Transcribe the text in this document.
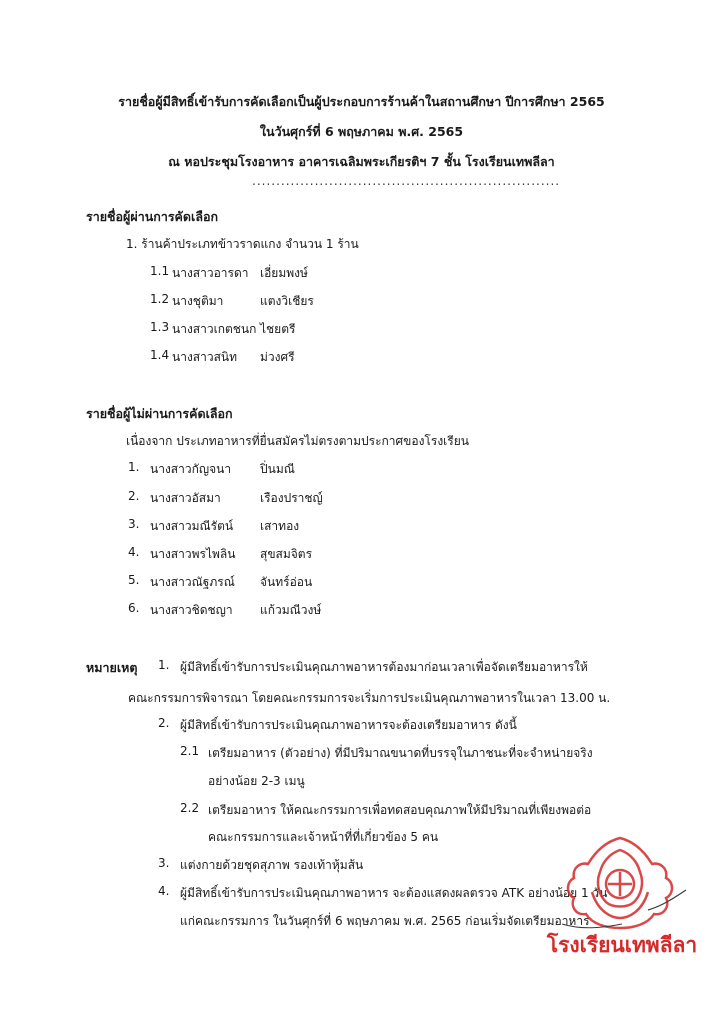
รายชื่อผู้มีสิทธิ์เข้ารับการคัดเลือกเป็นผู้ประกอบการร้านค้าในสถานศึกษา ปีการศึกษา 2565
ในวันศุกร์ที่ 6 พฤษภาคม พ.ศ. 2565
ณ หอประชุมโรงอาหาร อาคารเฉลิมพระเกียรติฯ 7 ชั้น โรงเรียนเทพลีลา
................................................................
รายชื่อผู้ผ่านการคัดเลือก
1. ร้านค้าประเภทข้าวราดแกง จำนวน 1 ร้าน
1.1 นางสาวอารดา เอี่ยมพงษ์
1.2 นางชุติมา	แตงวิเชียร
1.3 นางสาวเกตชนก ไชยตรี
1.4 นางสาวสนิท ม่วงศรี
รายชื่อผู้ไม่ผ่านการคัดเลือก
เนื่องจาก ประเภทอาหารที่ยื่นสมัครไม่ตรงตามประกาศของโรงเรียน
1. นางสาวกัญจนา ปิ่นมณี
2. นางสาวอัสมา	เรืองปราชญ์
3. นางสาวมณีรัตน์ เสาทอง
4. นางสาวพรไพลิน สุขสมจิตร
5. นางสาวณัฐภรณ์ จันทร์อ่อน
6. นางสาวชิดชญา แก้วมณีวงษ์
หมายเหตุ 1. ผู้มีสิทธิ์เข้ารับการประเมินคุณภาพอาหารต้องมาก่อนเวลาเพื่อจัดเตรียมอาหารให้
คณะกรรมการพิจารณา โดยคณะกรรมการจะเริ่มการประเมินคุณภาพอาหารในเวลา 13.00 น.
2. ผู้มีสิทธิ์เข้ารับการประเมินคุณภาพอาหารจะต้องเตรียมอาหาร ดังนี้
2.1 เตรียมอาหาร (ตัวอย่าง) ที่มีปริมาณขนาดที่บรรจุในภาชนะที่จะจำหน่ายจริง
อย่างน้อย 2-3 เมนู
2.2 เตรียมอาหาร ให้คณะกรรมการเพื่อทดสอบคุณภาพให้มีปริมาณที่เพียงพอต่อ
คณะกรรมการและเจ้าหน้าที่ที่เกี่ยวข้อง 5 คน
3. แต่งกายด้วยชุดสุภาพ รองเท้าหุ้มส้น
4. ผู้มีสิทธิ์เข้ารับการประเมินคุณภาพอาหาร จะต้องแสดงผลตรวจ ATK อย่างน้อย 1 วัน
แก่คณะกรรมการ ในวันศุกร์ที่ 6 พฤษภาคม พ.ศ. 2565 ก่อนเริ่มจัดเตรียมอาหาร
โรงเรียนเทพลีลา
